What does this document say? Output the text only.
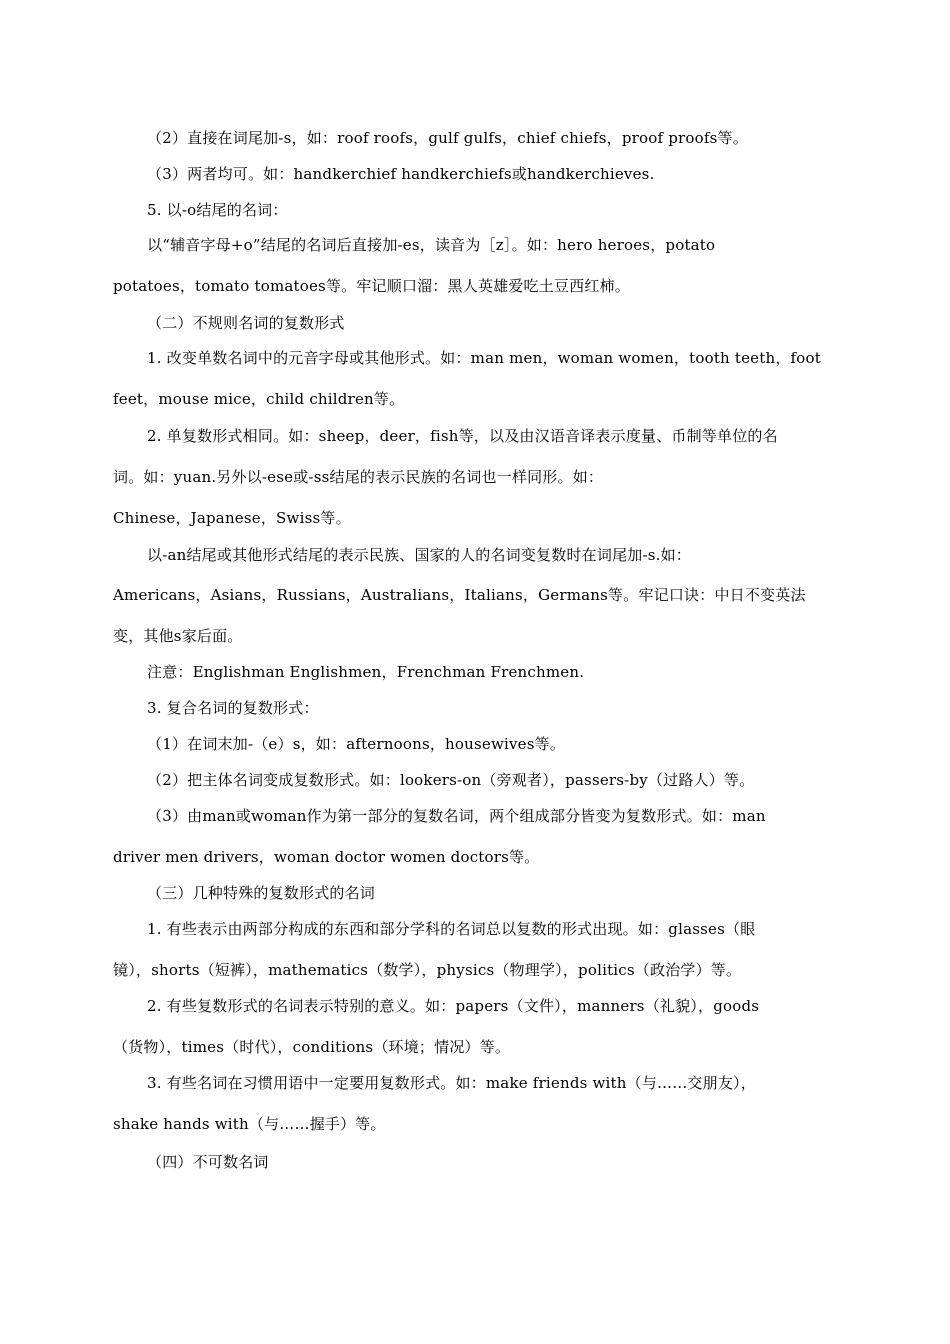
（2）直接在词尾加-s，如：roof roofs，gulf gulfs，chief chiefs，proof proofs等。
（3）两者均可。如：handkerchief handkerchiefs或handkerchieves.
5. 以-o结尾的名词：
以“辅音字母+o”结尾的名词后直接加-es，读音为［z］。如：hero heroes，potato
potatoes，tomato tomatoes等。牢记顺口溜：黑人英雄爱吃土豆西红柿。
（二）不规则名词的复数形式
1. 改变单数名词中的元音字母或其他形式。如：man men，woman women，tooth teeth，foot
feet，mouse mice，child children等。
2. 单复数形式相同。如：sheep，deer，fish等，以及由汉语音译表示度量、币制等单位的名
词。如：yuan.另外以-ese或-ss结尾的表示民族的名词也一样同形。如：
Chinese，Japanese，Swiss等。
以-an结尾或其他形式结尾的表示民族、国家的人的名词变复数时在词尾加-s.如：
Americans，Asians，Russians，Australians，Italians，Germans等。牢记口诀：中日不变英法
变，其他s家后面。
注意：Englishman Englishmen，Frenchman Frenchmen.
3. 复合名词的复数形式：
（1）在词末加-（e）s，如：afternoons，housewives等。
（2）把主体名词变成复数形式。如：lookers-on（旁观者），passers-by（过路人）等。
（3）由man或woman作为第一部分的复数名词，两个组成部分皆变为复数形式。如：man
driver men drivers，woman doctor women doctors等。
（三）几种特殊的复数形式的名词
1. 有些表示由两部分构成的东西和部分学科的名词总以复数的形式出现。如：glasses（眼
镜），shorts（短裤），mathematics（数学），physics（物理学），politics（政治学）等。
2. 有些复数形式的名词表示特别的意义。如：papers（文件），manners（礼貌），goods
（货物），times（时代），conditions（环境；情况）等。
3. 有些名词在习惯用语中一定要用复数形式。如：make friends with（与……交朋友），
shake hands with（与……握手）等。
（四）不可数名词
